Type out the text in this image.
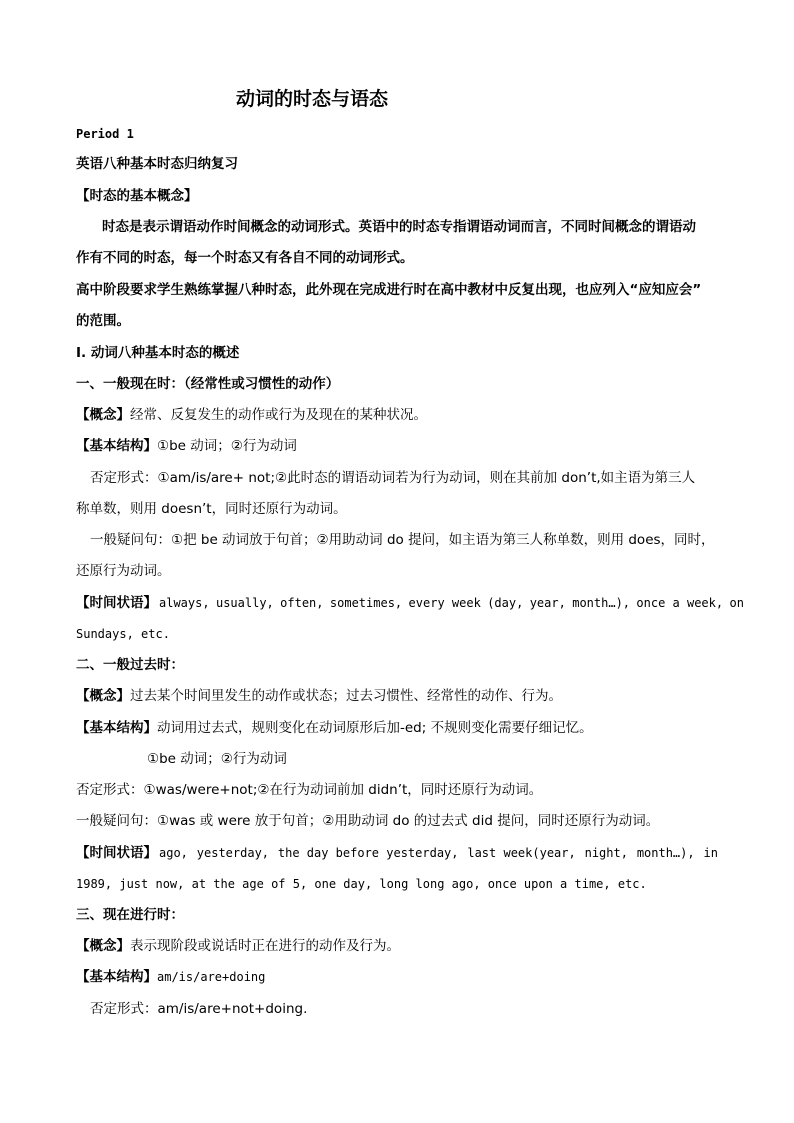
动词的时态与语态
Period 1
英语八种基本时态归纳复习
【时态的基本概念】
时态是表示谓语动作时间概念的动词形式。英语中的时态专指谓语动词而言，不同时间概念的谓语动
作有不同的时态，每一个时态又有各自不同的动词形式。
高中阶段要求学生熟练掌握八种时态，此外现在完成进行时在高中教材中反复出现，也应列入“应知应会”
的范围。
I. 动词八种基本时态的概述
一、一般现在时：（经常性或习惯性的动作）
【概念】经常、反复发生的动作或行为及现在的某种状况。
【基本结构】①be 动词；②行为动词
否定形式：①am/is/are+ not;②此时态的谓语动词若为行为动词，则在其前加 don’t,如主语为第三人
称单数，则用 doesn’t，同时还原行为动词。
一般疑问句：①把 be 动词放于句首；②用助动词 do 提问，如主语为第三人称单数，则用 does，同时，
还原行为动词。
【时间状语】 always, usually, often, sometimes, every week (day, year, month…), once a week, on
Sundays, etc.
二、一般过去时：
【概念】过去某个时间里发生的动作或状态；过去习惯性、经常性的动作、行为。
【基本结构】动词用过去式，规则变化在动词原形后加-ed; 不规则变化需要仔细记忆。
①be 动词；②行为动词
否定形式：①was/were+not;②在行为动词前加 didn’t，同时还原行为动词。
一般疑问句：①was 或 were 放于句首；②用助动词 do 的过去式 did 提问，同时还原行为动词。
【时间状语】 ago, yesterday, the day before yesterday, last week(year, night, month…), in
1989, just now, at the age of 5, one day, long long ago, once upon a time, etc.
三、现在进行时：
【概念】表示现阶段或说话时正在进行的动作及行为。
【基本结构】am/is/are+doing
否定形式：am/is/are+not+doing.
